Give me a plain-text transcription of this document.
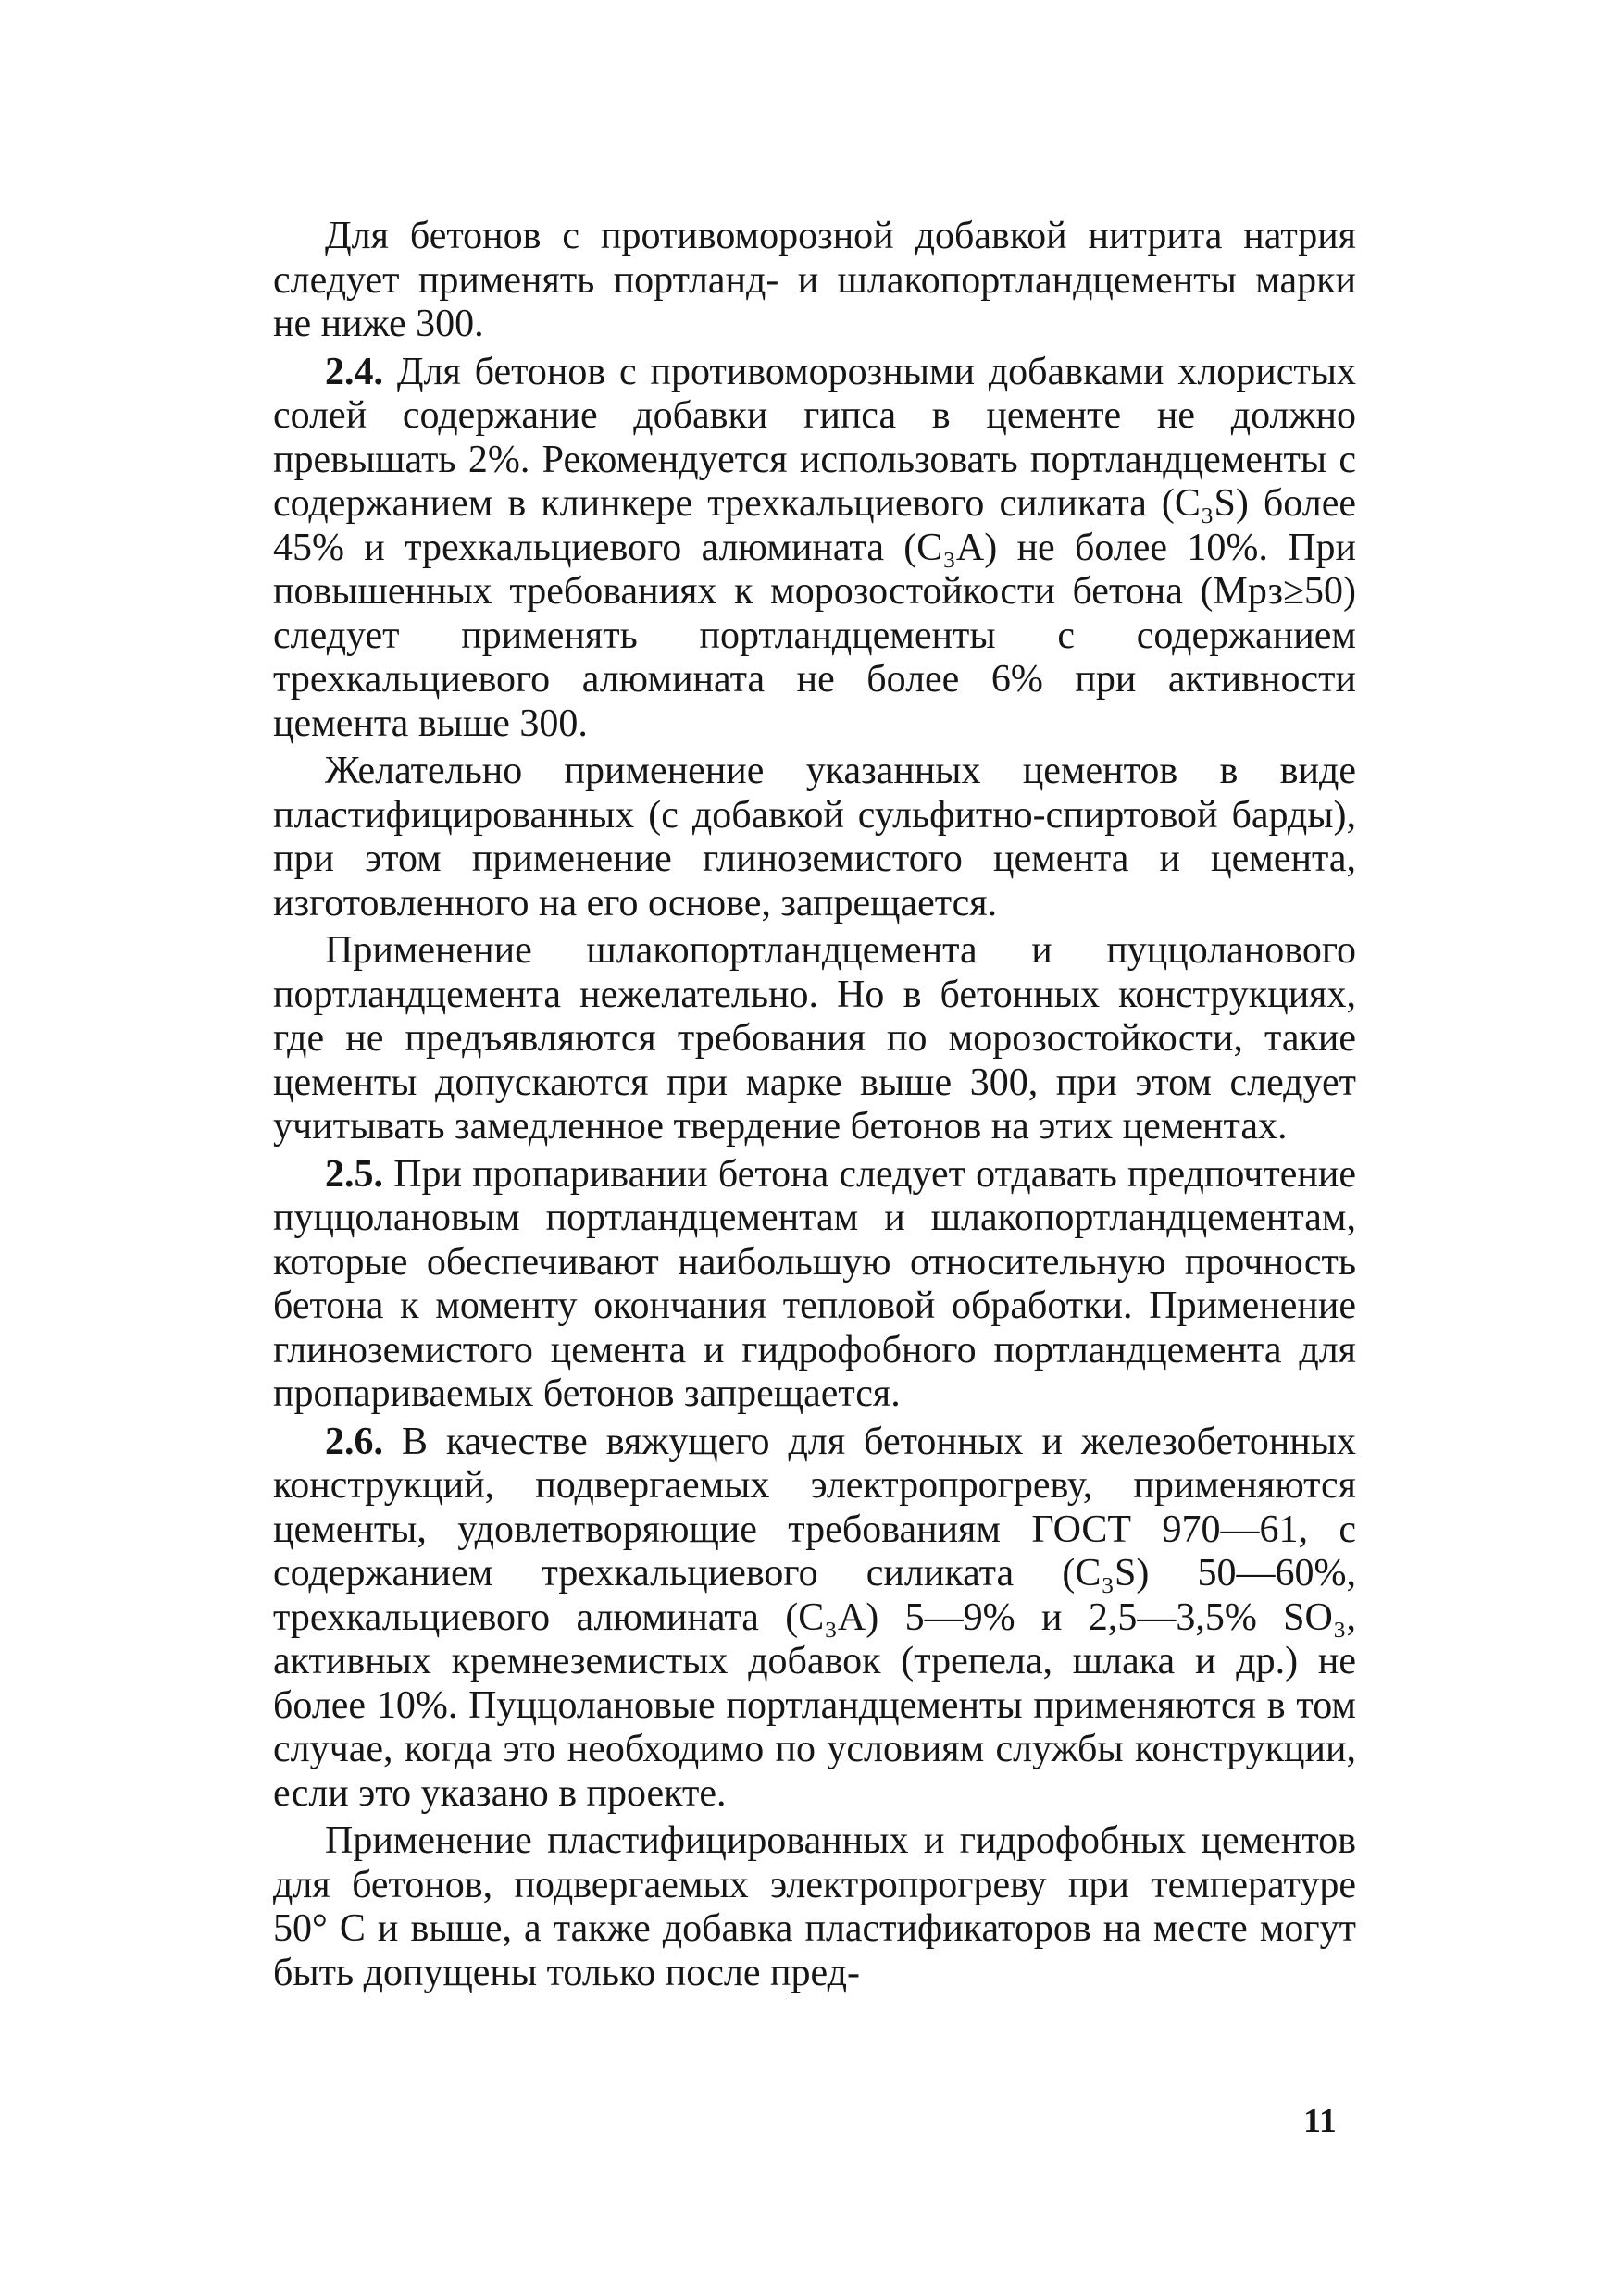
Для бетонов с противоморозной добавкой нитрита натрия следует применять портланд- и шлакопортландцементы марки не ниже 300.

2.4. Для бетонов с противоморозными добавками хлористых солей содержание добавки гипса в цементе не должно превышать 2%. Рекомендуется использовать портландцементы с содержанием в клинкере трехкальциевого силиката (C₃S) более 45% и трехкальциевого алюмината (C₃A) не более 10%. При повышенных требованиях к морозостойкости бетона (Мрз≥50) следует применять портландцементы с содержанием трехкальциевого алюмината не более 6% при активности цемента выше 300.

Желательно применение указанных цементов в виде пластифицированных (с добавкой сульфитно-спиртовой барды), при этом применение глиноземистого цемента и цемента, изготовленного на его основе, запрещается.

Применение шлакопортландцемента и пуццоланового портландцемента нежелательно. Но в бетонных конструкциях, где не предъявляются требования по морозостойкости, такие цементы допускаются при марке выше 300, при этом следует учитывать замедленное твердение бетонов на этих цементах.

2.5. При пропаривании бетона следует отдавать предпочтение пуццолановым портландцементам и шлакопортландцементам, которые обеспечивают наибольшую относительную прочность бетона к моменту окончания тепловой обработки. Применение глиноземистого цемента и гидрофобного портландцемента для пропариваемых бетонов запрещается.

2.6. В качестве вяжущего для бетонных и железобетонных конструкций, подвергаемых электропрогреву, применяются цементы, удовлетворяющие требованиям ГОСТ 970—61, с содержанием трехкальциевого силиката (C₃S) 50—60%, трехкальциевого алюмината (C₃A) 5—9% и 2,5—3,5% SO₃, активных кремнеземистых добавок (трепела, шлака и др.) не более 10%. Пуццолановые портландцементы применяются в том случае, когда это необходимо по условиям службы конструкции, если это указано в проекте.

Применение пластифицированных и гидрофобных цементов для бетонов, подвергаемых электропрогреву при температуре 50° С и выше, а также добавка пластификаторов на месте могут быть допущены только после пред-

11
